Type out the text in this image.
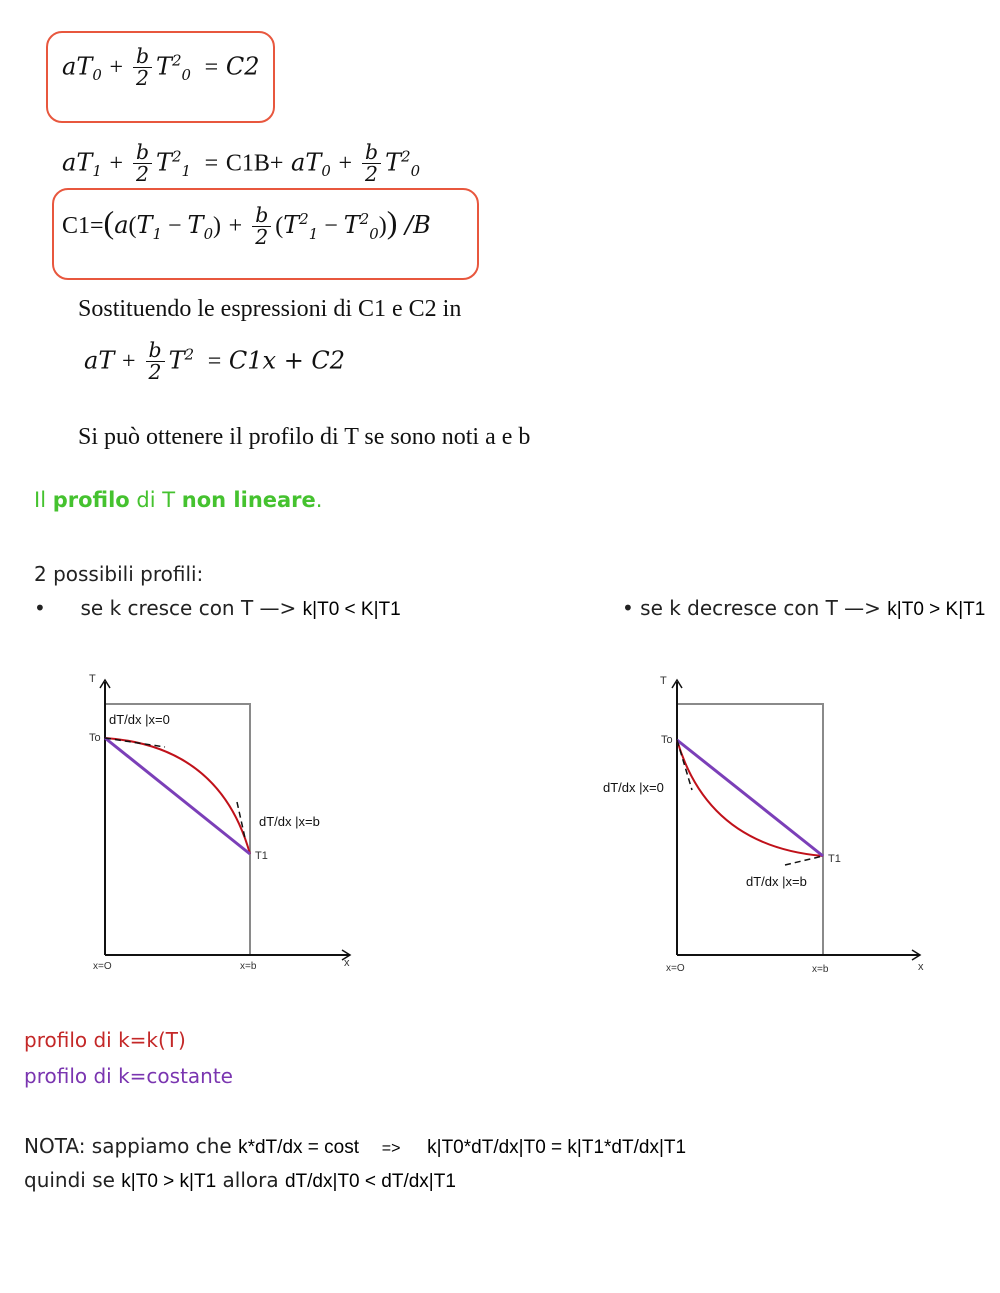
$aT_0 + \frac{b}{2} T^2_0 = C2$
$aT_1 + \frac{b}{2} T^2_1 = C1B+ aT_0 + \frac{b}{2} T^2_0$
$C1=(a(T_1 - T_0) + \frac{b}{2} (T^2_1 - T^2_0))$ /B
Sostituendo le espressioni di C1 e C2 in
aT + $\frac{b}{2} T^2 = C1x + C2$
Si può ottenere il profilo di T se sono noti a e b
Il profilo di T non lineare.
2 possibili profili:
• se k cresce con T —> k|T0 < K|T1	• se k decresce con T —> k|T0 > K|T1
T
x
To
T1
x=O	x=b
dT/dx |x=0
dT/dx |x=b
T
x
To
T1
x=O	x=b
dT/dx |x=0
dT/dx |x=b
profilo di k=k(T)
profilo di k=costante
NOTA: sappiamo che k*dT/dx = cost => k|T0*dT/dx|T0 = k|T1*dT/dx|T1
quindi se k|T0 > k|T1 allora dT/dx|T0 < dT/dx|T1
